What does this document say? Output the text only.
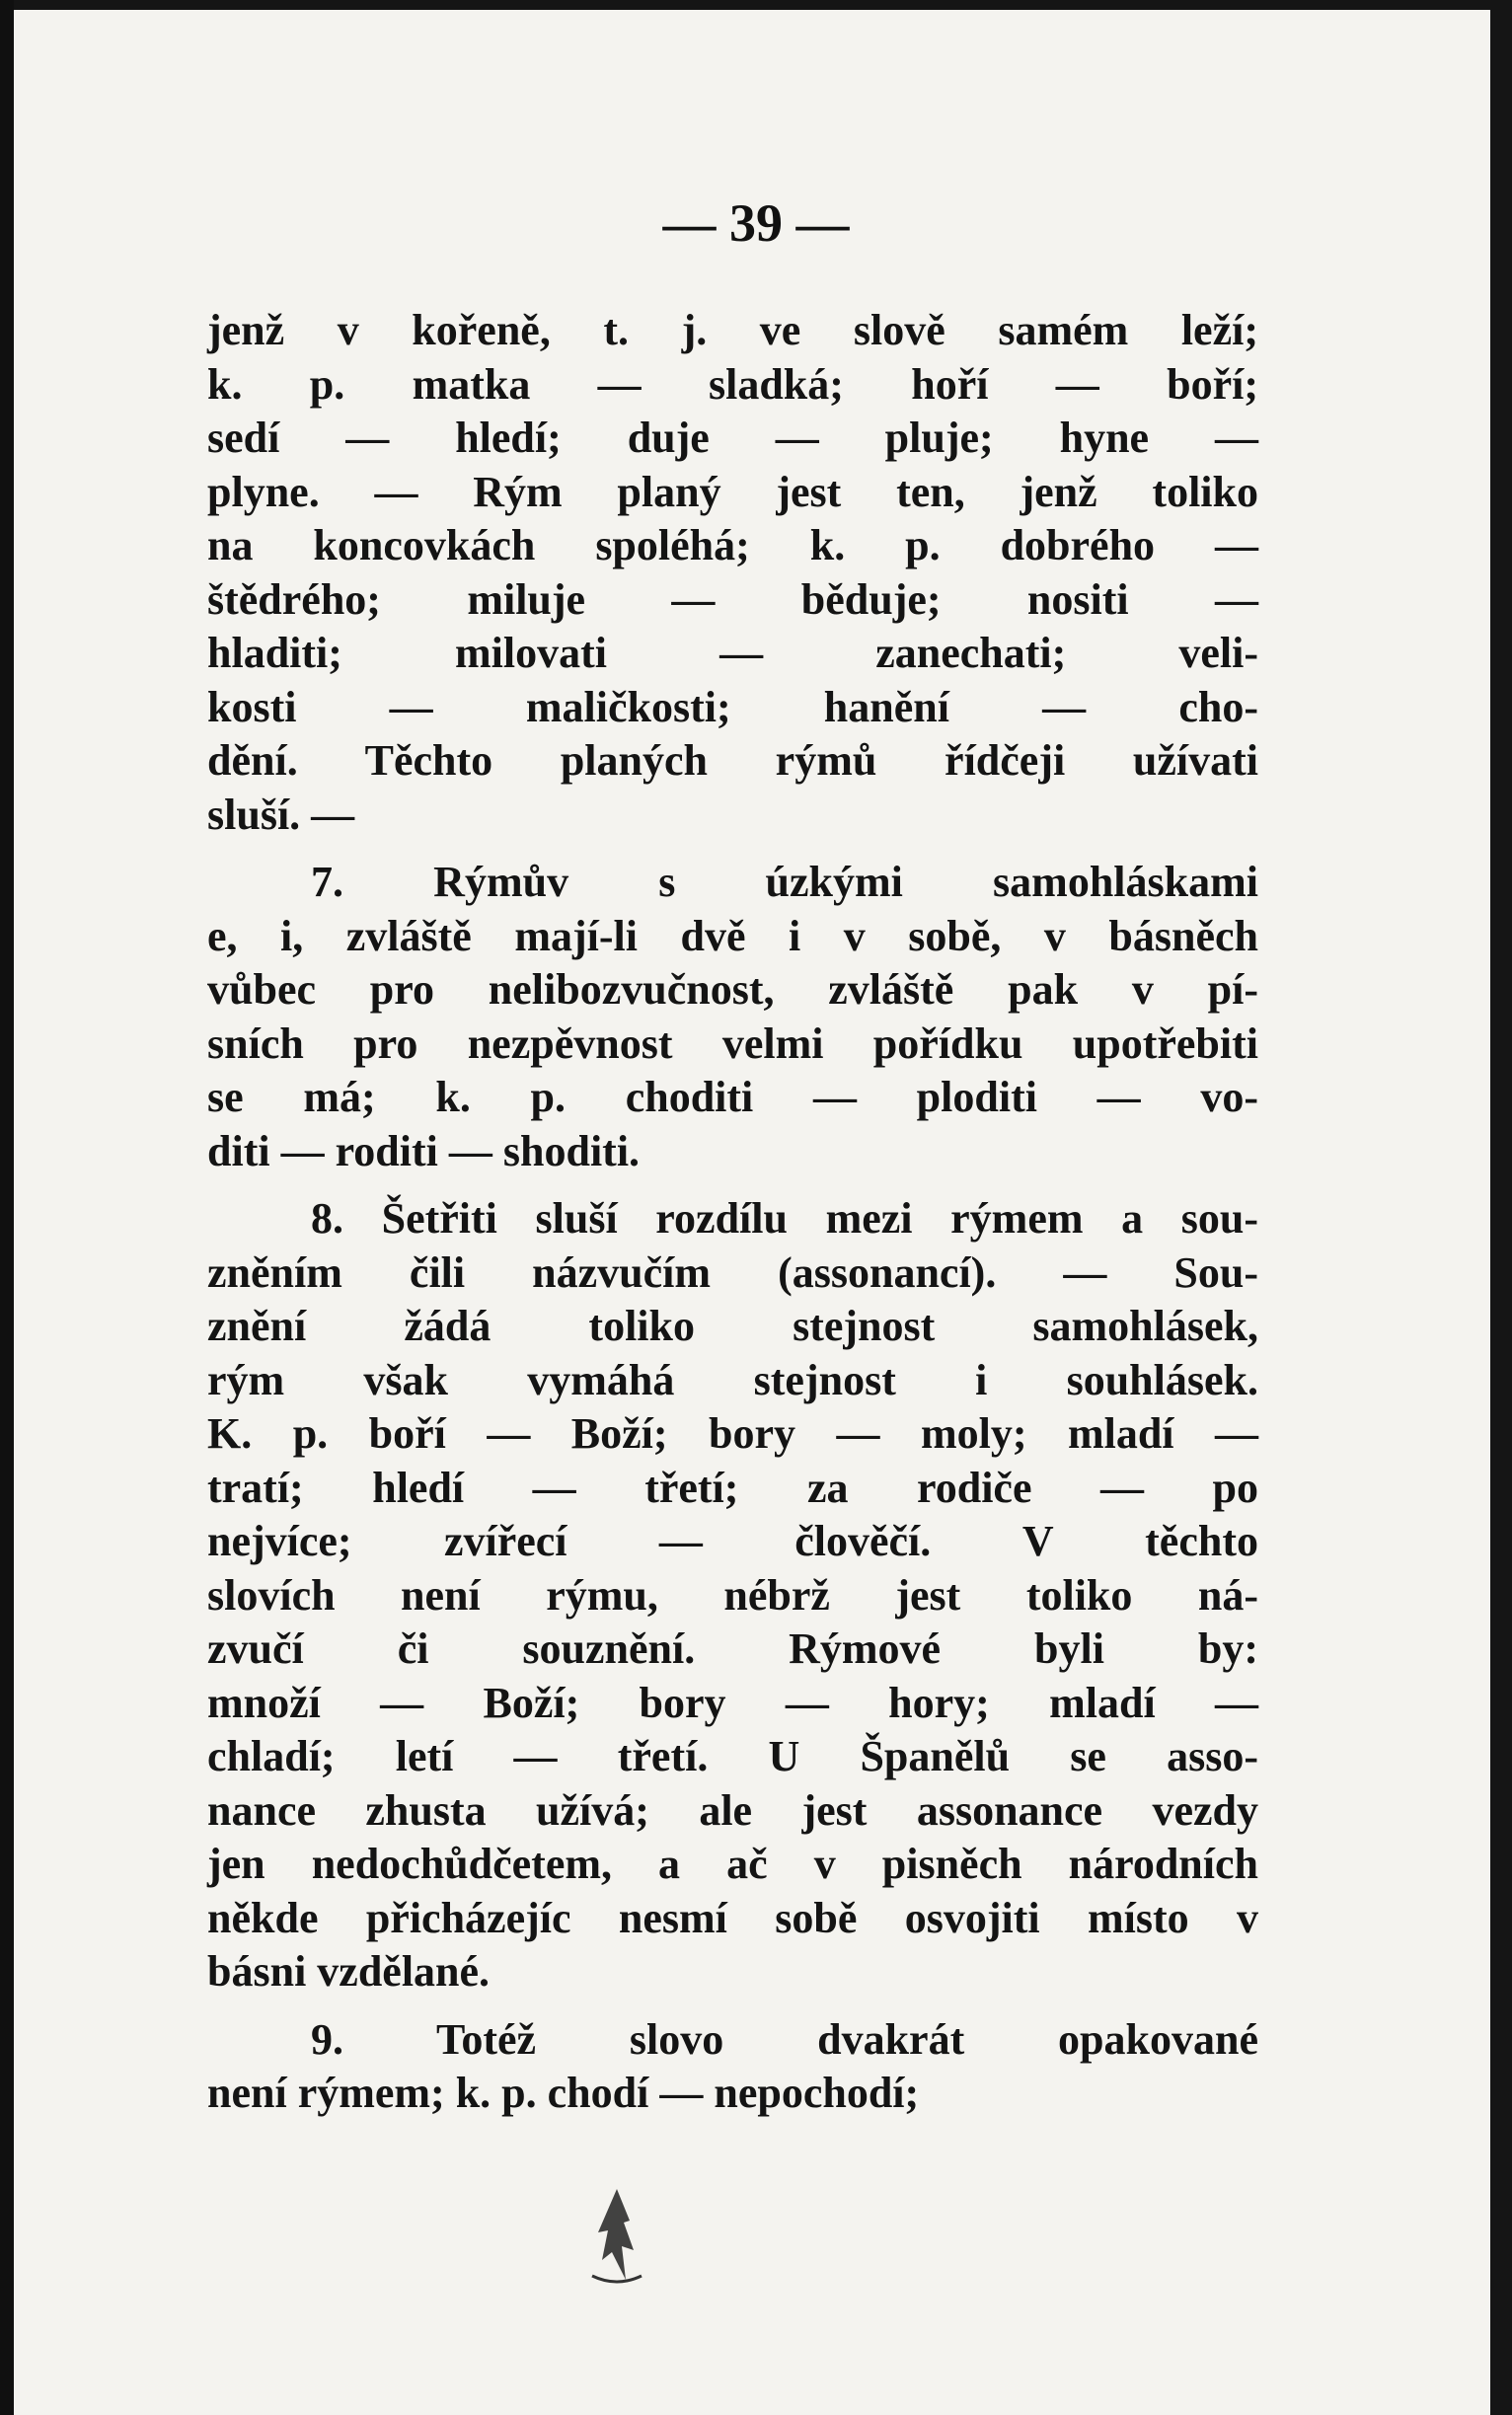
— 39 —
jenž v kořeně, t. j. ve slově samém leží;
k. p. matka — sladká; hoří — boří;
sedí — hledí; duje — pluje; hyne —
plyne. — Rým planý jest ten, jenž toliko
na koncovkách spoléhá; k. p. dobrého —
štědrého; miluje — běduje; nositi —
hladiti; milovati — zanechati; veli-
kosti — maličkosti; hanění — cho-
dění. Těchto planých rýmů řídčeji užívati
sluší. —
7. Rýmův s úzkými samohláskami
e, i, zvláště mají-li dvě i v sobě, v básněch
vůbec pro nelibozvučnost, zvláště pak v pí-
sních pro nezpěvnost velmi pořídku upotřebiti
se má; k. p. choditi — ploditi — vo-
diti — roditi — shoditi.
8. Šetřiti sluší rozdílu mezi rýmem a sou-
zněním čili názvučím (assonancí). — Sou-
znění žádá toliko stejnost samohlásek,
rým však vymáhá stejnost i souhlásek.
K. p. boří — Boží; bory — moly; mladí —
tratí; hledí — třetí; za rodiče — po
nejvíce; zvířecí — člověčí. V těchto
slovích není rýmu, nébrž jest toliko ná-
zvučí či souznění. Rýmové byli by:
množí — Boží; bory — hory; mladí —
chladí; letí — třetí. U Španělů se asso-
nance zhusta užívá; ale jest assonance vezdy
jen nedochůdčetem, a ač v pisněch národních
někde přicházejíc nesmí sobě osvojiti místo v
básni vzdělané.
9. Totéž slovo dvakrát opakované
není rýmem; k. p. chodí — nepochodí;
